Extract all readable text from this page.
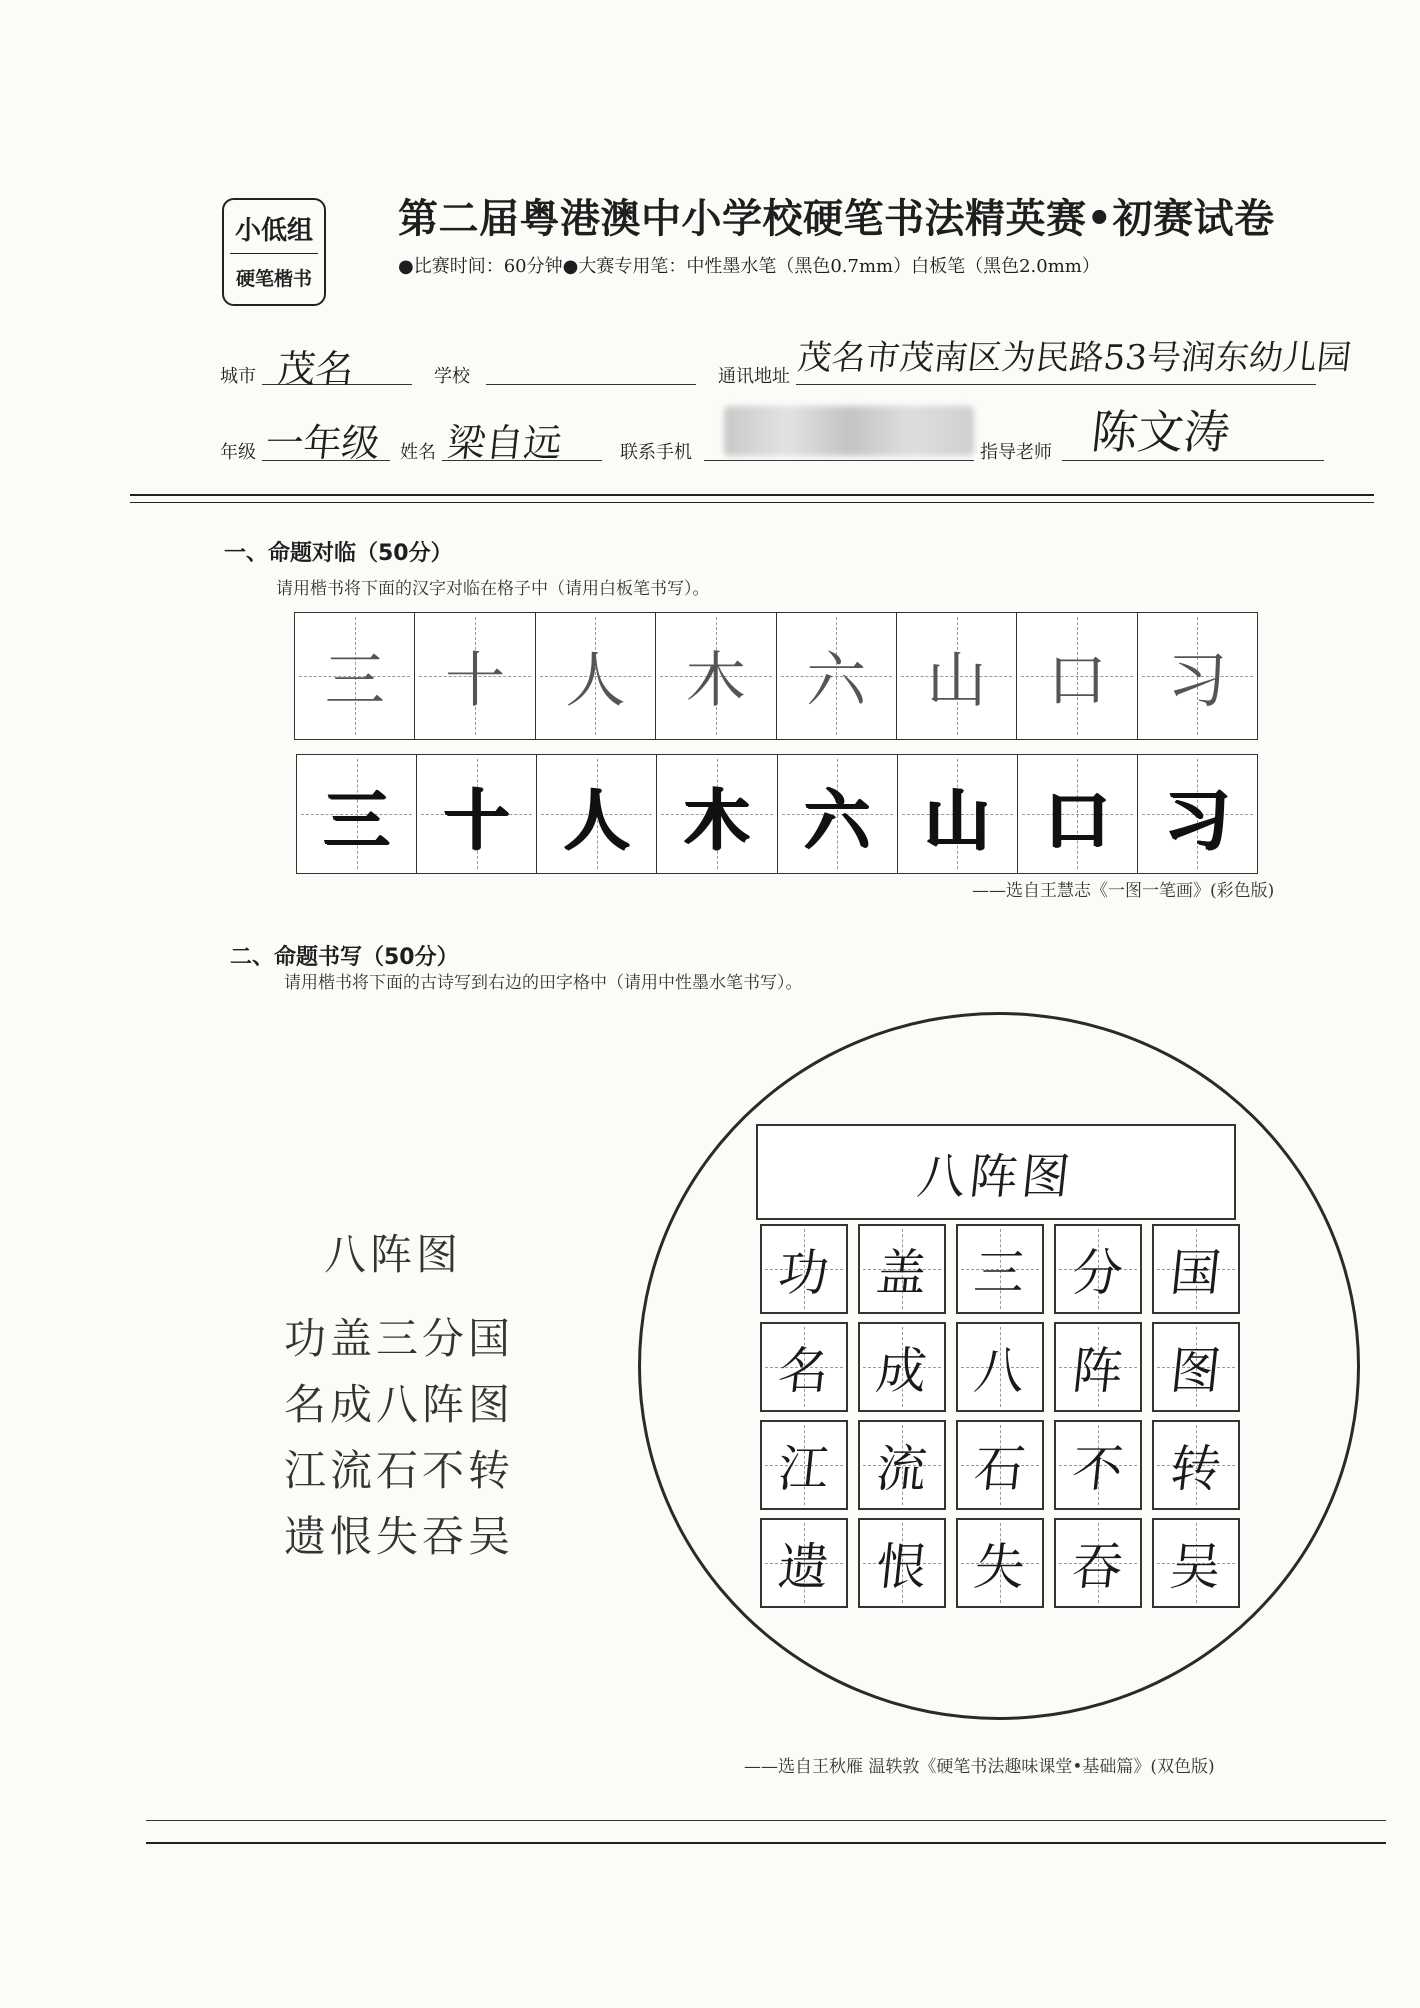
小低组
硬笔楷书
第二届粤港澳中小学校硬笔书法精英赛•初赛试卷
●比赛时间：60分钟●大赛专用笔：中性墨水笔（黑色0.7mm）白板笔（黑色2.0mm）
城市 茂名	学校	通讯地址 茂名市茂南区为民路53号润东幼儿园
年级 一年级 姓名 梁自远	联系手机	指导老师 陈文涛
一、命题对临（50分）
请用楷书将下面的汉字对临在格子中（请用白板笔书写）。
三 十 人 木 六 山 口 习
三 十 人 木 六 山 口 习
——选自王慧志《一图一笔画》(彩色版)
二、命题书写（50分）
请用楷书将下面的古诗写到右边的田字格中（请用中性墨水笔书写）。
八阵图
功盖三分国
名成八阵图
江流石不转
遗恨失吞吴
八阵图
功 盖 三 分 国
名 成 八 阵 图
江 流 石 不 转
遗 恨 失 吞 吴
——选自王秋雁 温轶敦《硬笔书法趣味课堂•基础篇》(双色版)
